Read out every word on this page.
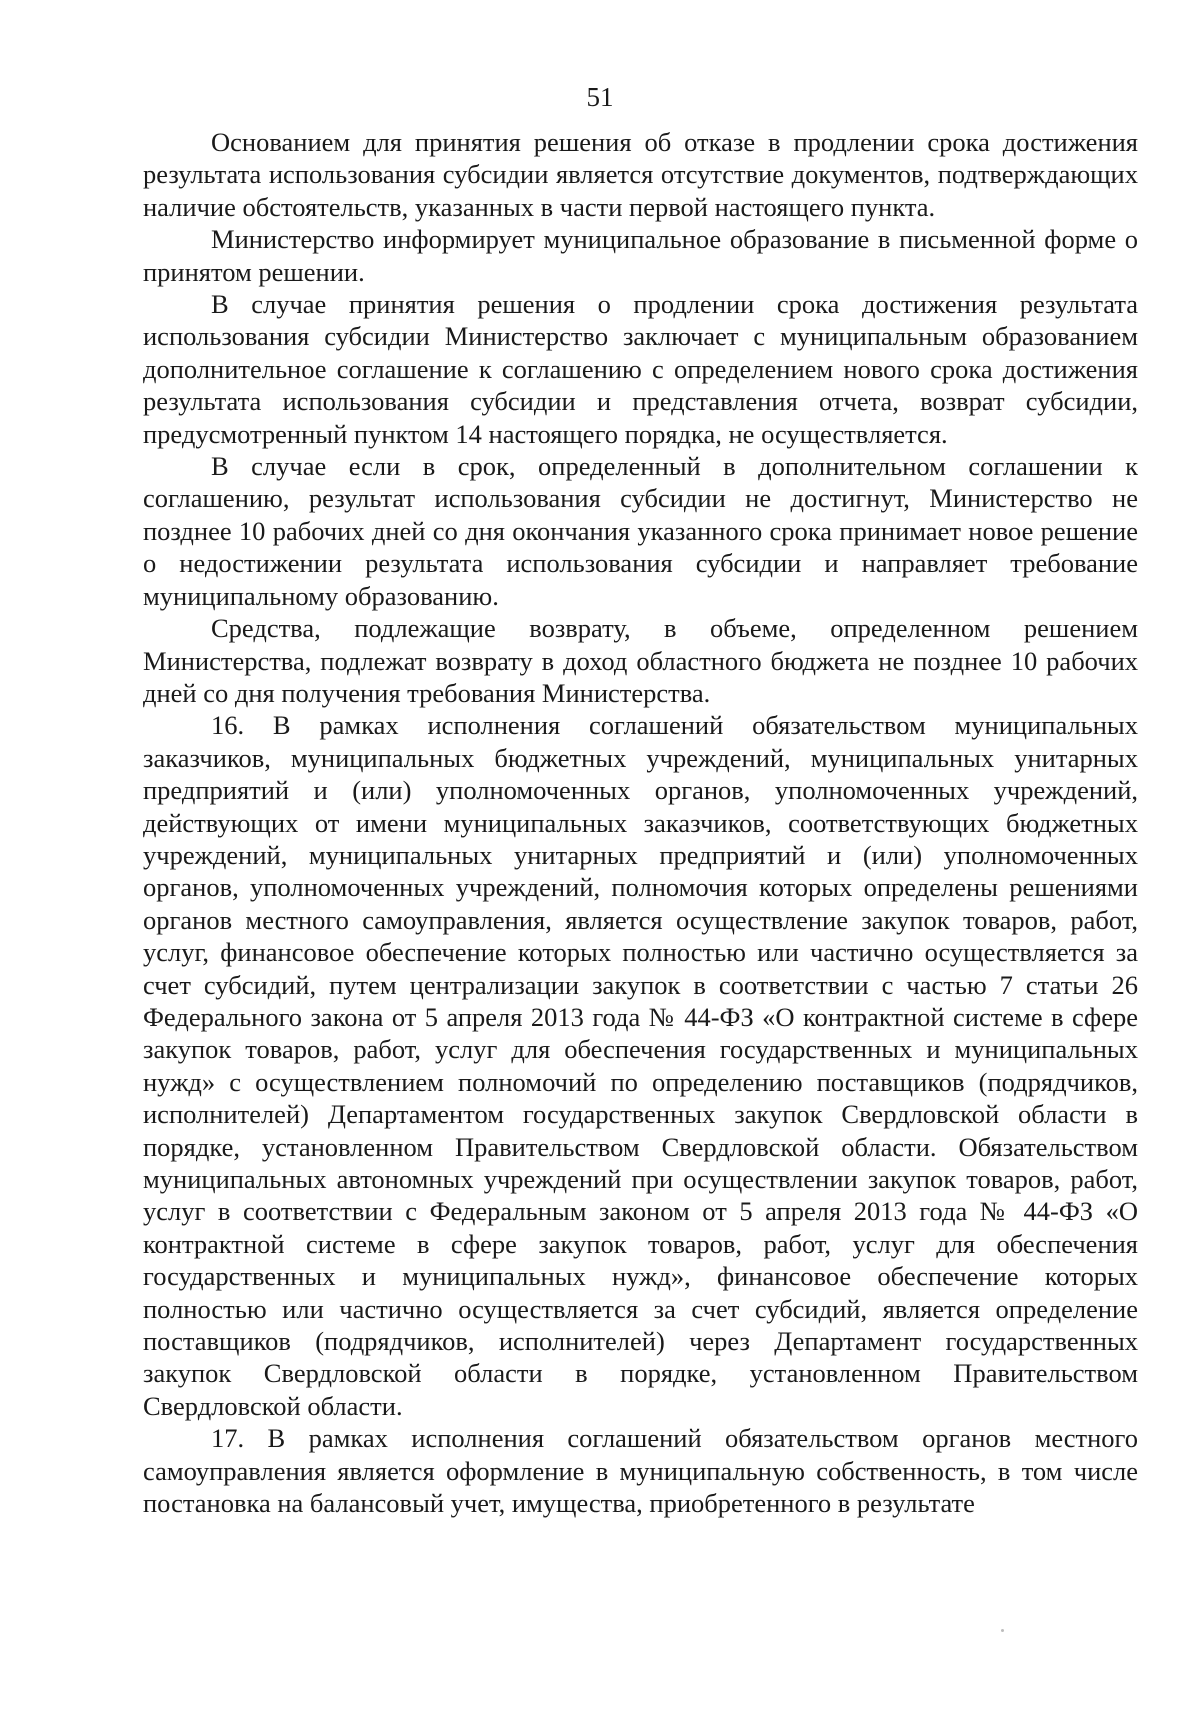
51

Основанием для принятия решения об отказе в продлении срока достижения результата использования субсидии является отсутствие документов, подтверждающих наличие обстоятельств, указанных в части первой настоящего пункта.

Министерство информирует муниципальное образование в письменной форме о принятом решении.

В случае принятия решения о продлении срока достижения результата использования субсидии Министерство заключает с муниципальным образованием дополнительное соглашение к соглашению с определением нового срока достижения результата использования субсидии и представления отчета, возврат субсидии, предусмотренный пунктом 14 настоящего порядка, не осуществляется.

В случае если в срок, определенный в дополнительном соглашении к соглашению, результат использования субсидии не достигнут, Министерство не позднее 10 рабочих дней со дня окончания указанного срока принимает новое решение о недостижении результата использования субсидии и направляет требование муниципальному образованию.

Средства, подлежащие возврату, в объеме, определенном решением Министерства, подлежат возврату в доход областного бюджета не позднее 10 рабочих дней со дня получения требования Министерства.

16. В рамках исполнения соглашений обязательством муниципальных заказчиков, муниципальных бюджетных учреждений, муниципальных унитарных предприятий и (или) уполномоченных органов, уполномоченных учреждений, действующих от имени муниципальных заказчиков, соответствующих бюджетных учреждений, муниципальных унитарных предприятий и (или) уполномоченных органов, уполномоченных учреждений, полномочия которых определены решениями органов местного самоуправления, является осуществление закупок товаров, работ, услуг, финансовое обеспечение которых полностью или частично осуществляется за счет субсидий, путем централизации закупок в соответствии с частью 7 статьи 26 Федерального закона от 5 апреля 2013 года № 44-ФЗ «О контрактной системе в сфере закупок товаров, работ, услуг для обеспечения государственных и муниципальных нужд» с осуществлением полномочий по определению поставщиков (подрядчиков, исполнителей) Департаментом государственных закупок Свердловской области в порядке, установленном Правительством Свердловской области. Обязательством муниципальных автономных учреждений при осуществлении закупок товаров, работ, услуг в соответствии с Федеральным законом от 5 апреля 2013 года № 44-ФЗ «О контрактной системе в сфере закупок товаров, работ, услуг для обеспечения государственных и муниципальных нужд», финансовое обеспечение которых полностью или частично осуществляется за счет субсидий, является определение поставщиков (подрядчиков, исполнителей) через Департамент государственных закупок Свердловской области в порядке, установленном Правительством Свердловской области.

17. В рамках исполнения соглашений обязательством органов местного самоуправления является оформление в муниципальную собственность, в том числе постановка на балансовый учет, имущества, приобретенного в результате
